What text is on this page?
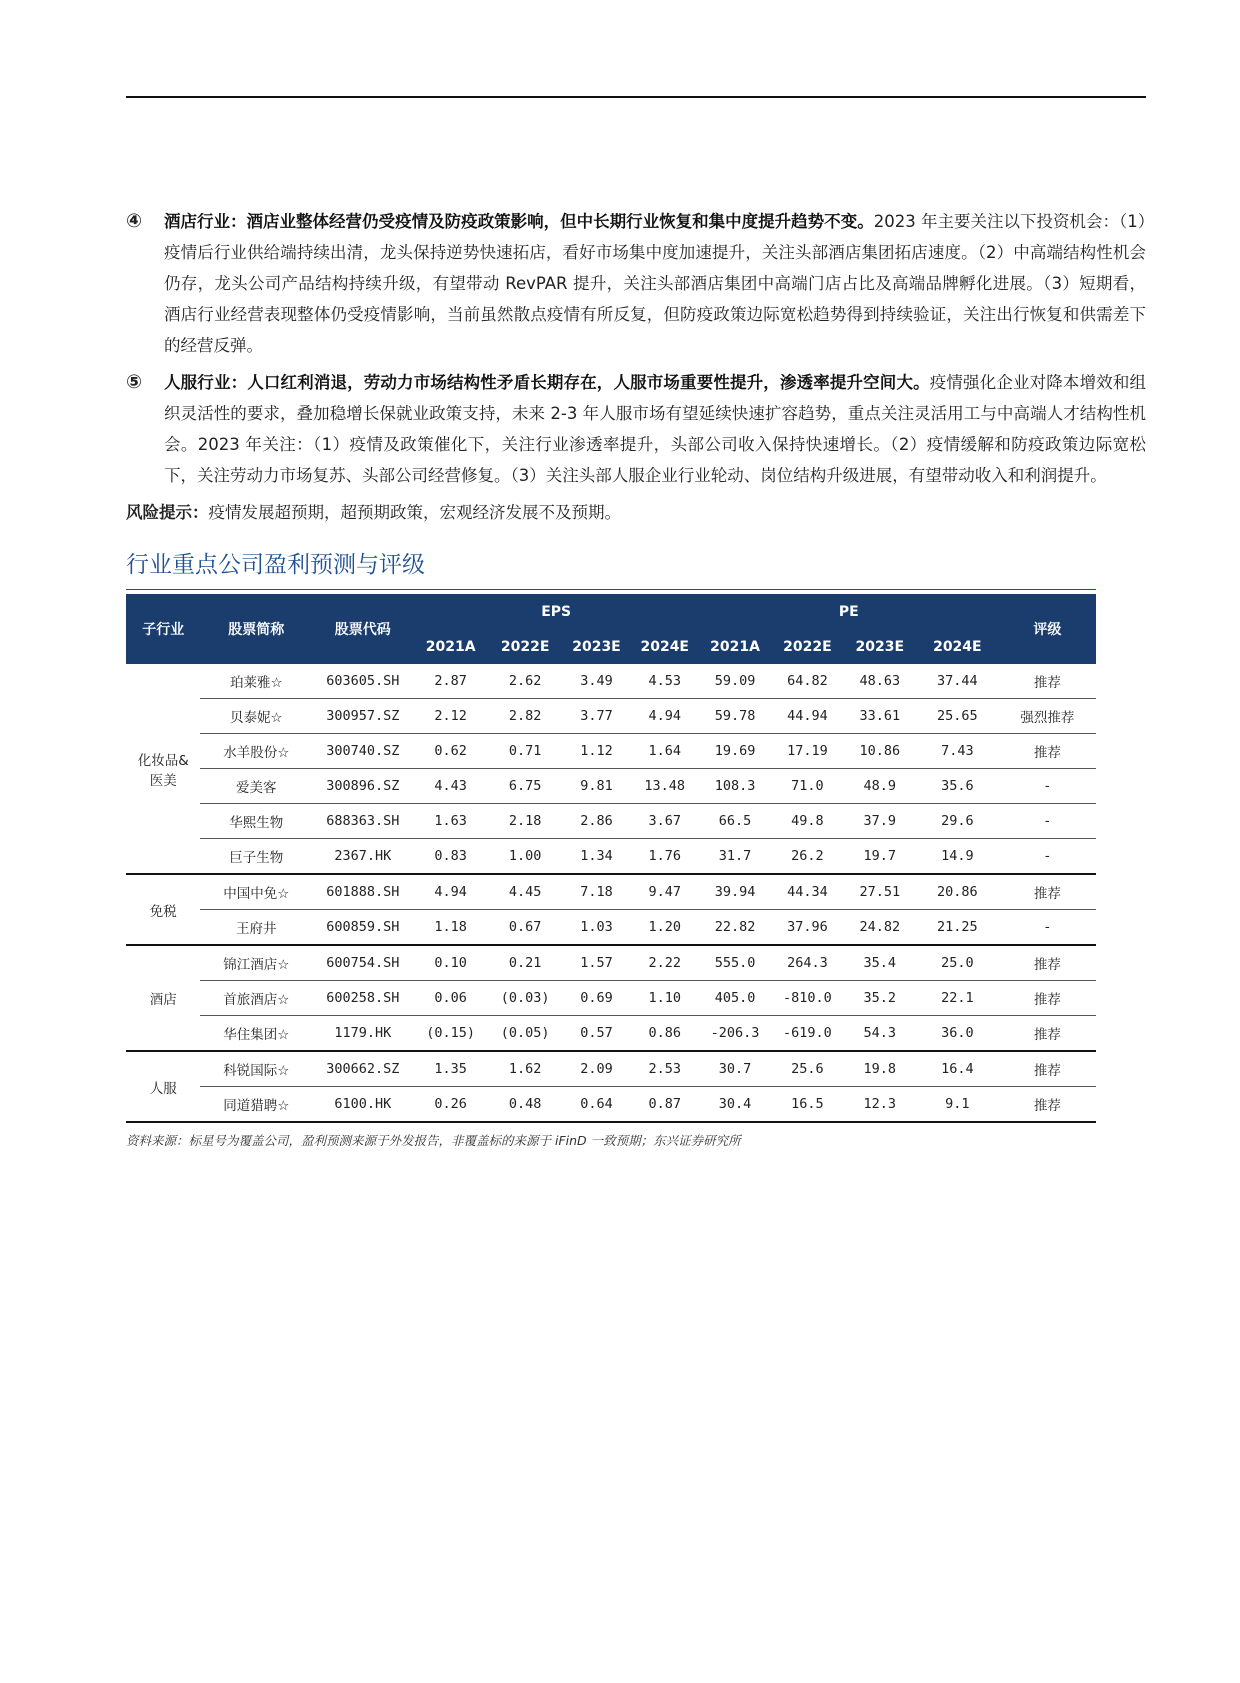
④	酒店行业：酒店业整体经营仍受疫情及防疫政策影响，但中长期行业恢复和集中度提升趋势不变。2023 年主要关注以下投资机会：（1）疫情后行业供给端持续出清，龙头保持逆势快速拓店，看好市场集中度加速提升，关注头部酒店集团拓店速度。（2）中高端结构性机会仍存，龙头公司产品结构持续升级，有望带动 RevPAR 提升，关注头部酒店集团中高端门店占比及高端品牌孵化进展。（3）短期看，酒店行业经营表现整体仍受疫情影响，当前虽然散点疫情有所反复，但防疫政策边际宽松趋势得到持续验证，关注出行恢复和供需差下的经营反弹。
⑤	人服行业：人口红利消退，劳动力市场结构性矛盾长期存在，人服市场重要性提升，渗透率提升空间大。疫情强化企业对降本增效和组织灵活性的要求，叠加稳增长保就业政策支持，未来 2-3 年人服市场有望延续快速扩容趋势，重点关注灵活用工与中高端人才结构性机会。2023 年关注：（1）疫情及政策催化下，关注行业渗透率提升，头部公司收入保持快速增长。（2）疫情缓解和防疫政策边际宽松下，关注劳动力市场复苏、头部公司经营修复。（3）关注头部人服企业行业轮动、岗位结构升级进展，有望带动收入和利润提升。
风险提示：疫情发展超预期，超预期政策，宏观经济发展不及预期。
行业重点公司盈利预测与评级
子行业	股票简称	股票代码	EPS				PE				评级
			2021A	2022E	2023E	2024E	2021A	2022E	2023E	2024E	
化妆品&医美	珀莱雅☆	603605.SH	2.87	2.62	3.49	4.53	59.09	64.82	48.63	37.44	推荐
	贝泰妮☆	300957.SZ	2.12	2.82	3.77	4.94	59.78	44.94	33.61	25.65	强烈推荐
	水羊股份☆	300740.SZ	0.62	0.71	1.12	1.64	19.69	17.19	10.86	7.43	推荐
	爱美客	300896.SZ	4.43	6.75	9.81	13.48	108.3	71.0	48.9	35.6	-
	华熙生物	688363.SH	1.63	2.18	2.86	3.67	66.5	49.8	37.9	29.6	-
	巨子生物	2367.HK	0.83	1.00	1.34	1.76	31.7	26.2	19.7	14.9	-
免税	中国中免☆	601888.SH	4.94	4.45	7.18	9.47	39.94	44.34	27.51	20.86	推荐
	王府井	600859.SH	1.18	0.67	1.03	1.20	22.82	37.96	24.82	21.25	-
酒店	锦江酒店☆	600754.SH	0.10	0.21	1.57	2.22	555.0	264.3	35.4	25.0	推荐
	首旅酒店☆	600258.SH	0.06	(0.03)	0.69	1.10	405.0	-810.0	35.2	22.1	推荐
	华住集团☆	1179.HK	(0.15)	(0.05)	0.57	0.86	-206.3	-619.0	54.3	36.0	推荐
人服	科锐国际☆	300662.SZ	1.35	1.62	2.09	2.53	30.7	25.6	19.8	16.4	推荐
	同道猎聘☆	6100.HK	0.26	0.48	0.64	0.87	30.4	16.5	12.3	9.1	推荐
资料来源：标星号为覆盖公司，盈利预测来源于外发报告，非覆盖标的来源于 iFinD 一致预期；东兴证券研究所
